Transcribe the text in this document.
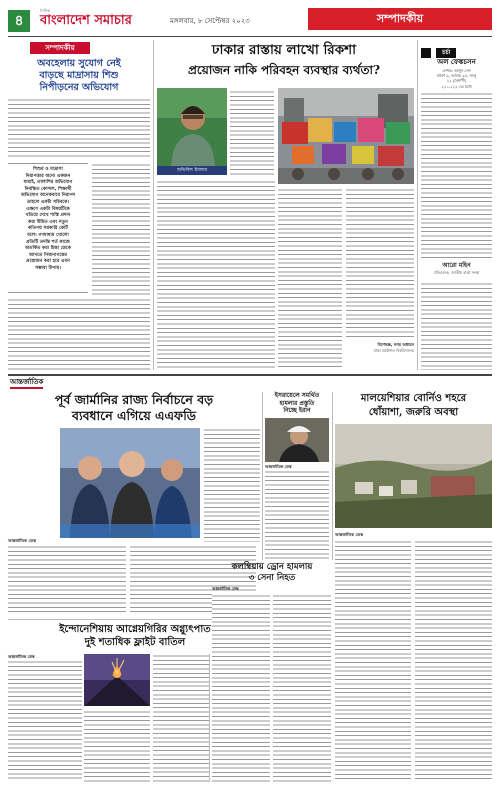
৪
দৈনিক
বাংলাদেশ সমাচার	মঙ্গলবার, ৮ সেপ্টেম্বর ২০২৩	সম্পাদকীয়
সম্পাদকীয়
অবহেলায় সুযোগ নেই
বাড়ছে মাদ্রাসায় শিশু
নিপীড়নের অভিযোগ
শিশুর ও মাদ্রাসা
নিরাপত্তার অন্যে একজন
যারাই, তালাশির অভিযোগ
নিবন্ধিত কোন্দল, শিক্ষার্থী
অভিযোগ অনেকবাবে নিরাপদ
তাহলে একটা সচিবকে।
এক্ষণে একটা বিষয়টিকে
খতিয়ে দেখে শাস্তি প্রদান
করা উচিত এবং নতুন
কতিপয় সরকারি কোর্ট
বলে। গণমাধ্যম খোলো
প্রতিটি তদন্তি শর্ত কাজে
অতর্কিত করা চিন্তা ডেকে
আনতে নিজনাগন্তের
প্রয়োজন করা হবে এমন
সম্ভাব্য উপায়।
ঢাকার রাস্তায় লাখো রিকশা
প্রয়োজন নাকি পরিবহন ব্যবস্থার ব্যর্থতা?
অভিজিৎ ইসলাম
বিশেষজ্ঞ, নগর অধ্যয়ন
ঢাকা প্রকৌশল বিশ্ববিদ্যালয়
চর্চা
অল ফেঙ্কচসন
লেখক: অর্জুন সেন
শ্রাবণ ৯, আষাঢ় ২৫, জানু
২২ (বৈশাখী)
২২১-২২২ এর মধ্যে
আরো মহিন
প্রতিবেদক, জাতীয় বার্তা সংস্থা
আন্তর্জাতিক
পূর্ব জার্মানির রাজ্য নির্বাচনে বড়
ব্যবধানে এগিয়ে এএফডি
আন্তর্জাতিক ডেস্ক
ইসরায়েলে সমর্থিত
হামলার প্রস্তুতি
নিচ্ছে ইরান
আন্তর্জাতিক ডেস্ক
মালয়েশিয়ার বোর্নিও শহরে
ধোঁয়াশা, জরুরি অবস্থা
আন্তর্জাতিক ডেস্ক
ইন্দোনেশিয়ায় আগ্নেয়গিরির অগ্ন্যুৎপাত
দুই শতাধিক ফ্লাইট বাতিল
আন্তর্জাতিক ডেস্ক
কলম্বিয়ায় ড্রোন হামলায়
৩ সেনা নিহত
আন্তর্জাতিক ডেস্ক
